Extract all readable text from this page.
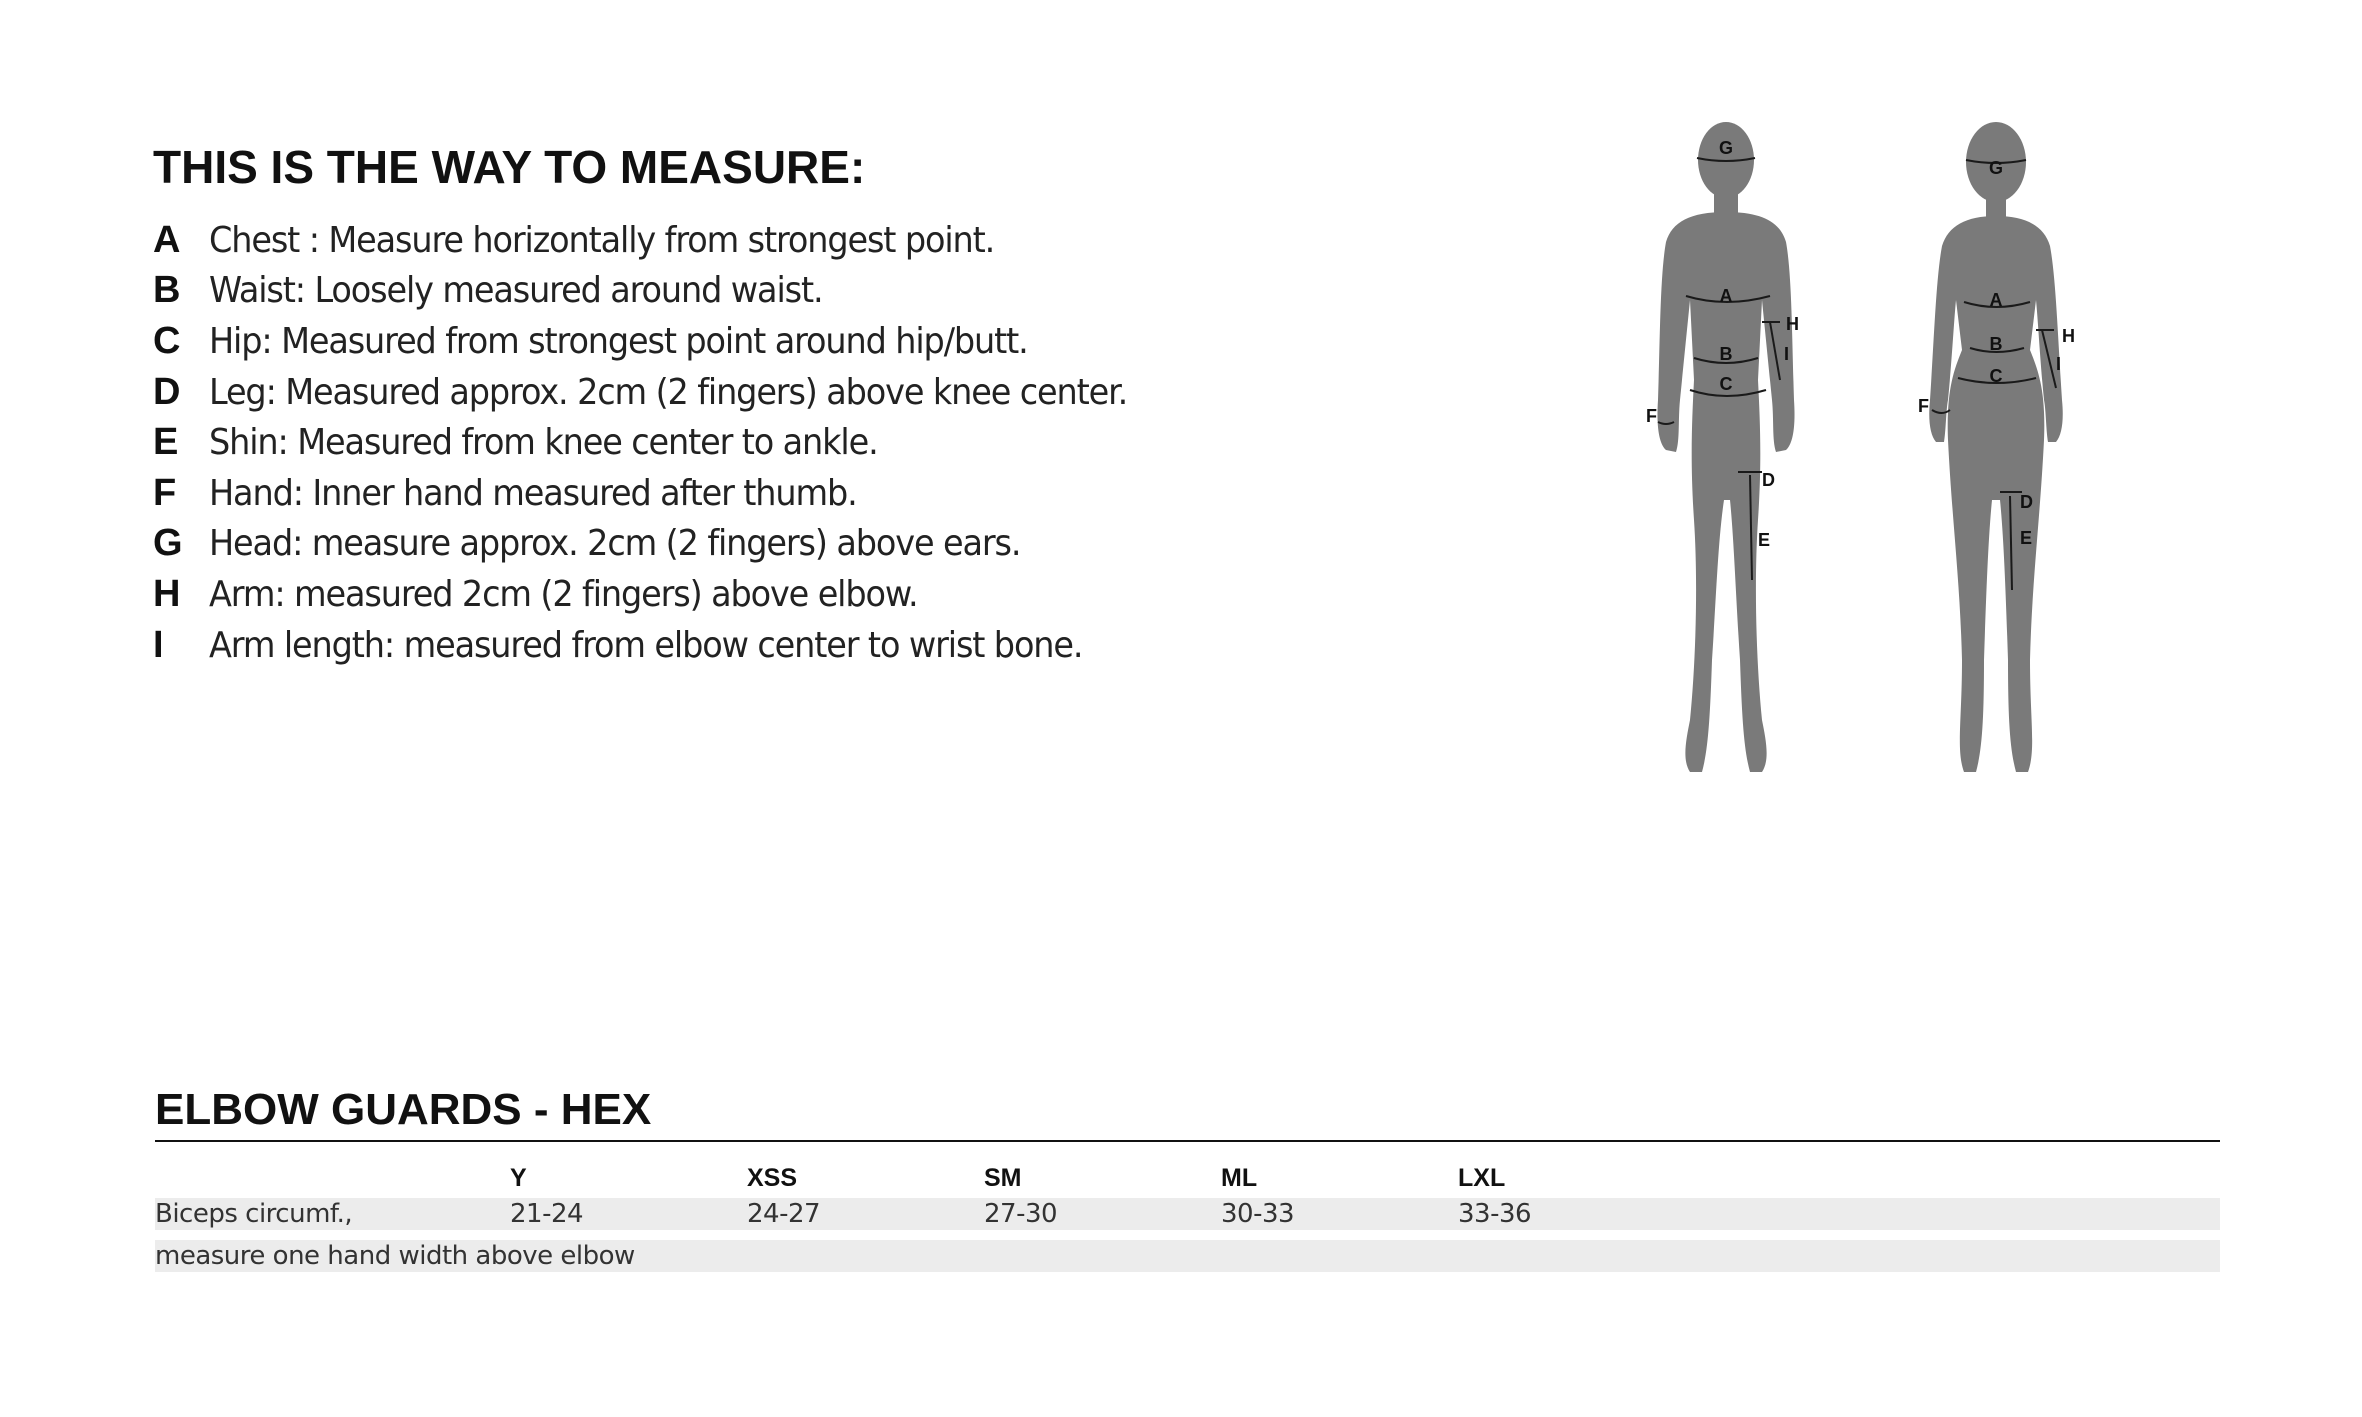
THIS IS THE WAY TO MEASURE:
A Chest : Measure horizontally from strongest point.
B Waist: Loosely measured around waist.
C Hip: Measured from strongest point around hip/butt.
D Leg: Measured approx. 2cm (2 fingers) above knee center.
E Shin: Measured from knee center to ankle.
F Hand: Inner hand measured after thumb.
G Head: measure approx. 2cm (2 fingers) above ears.
H Arm: measured 2cm (2 fingers) above elbow.
I	Arm length: measured from elbow center to wrist bone.
G
A
B
C
D
E
F
H
I
G
A
B
C
D
E
F
H
I
ELBOW GUARDS - HEX
	Y	XSS	SM	ML	LXL	
Biceps circumf.,	21-24	24-27	27-30	30-33	33-36	

measure one hand width above elbow						
